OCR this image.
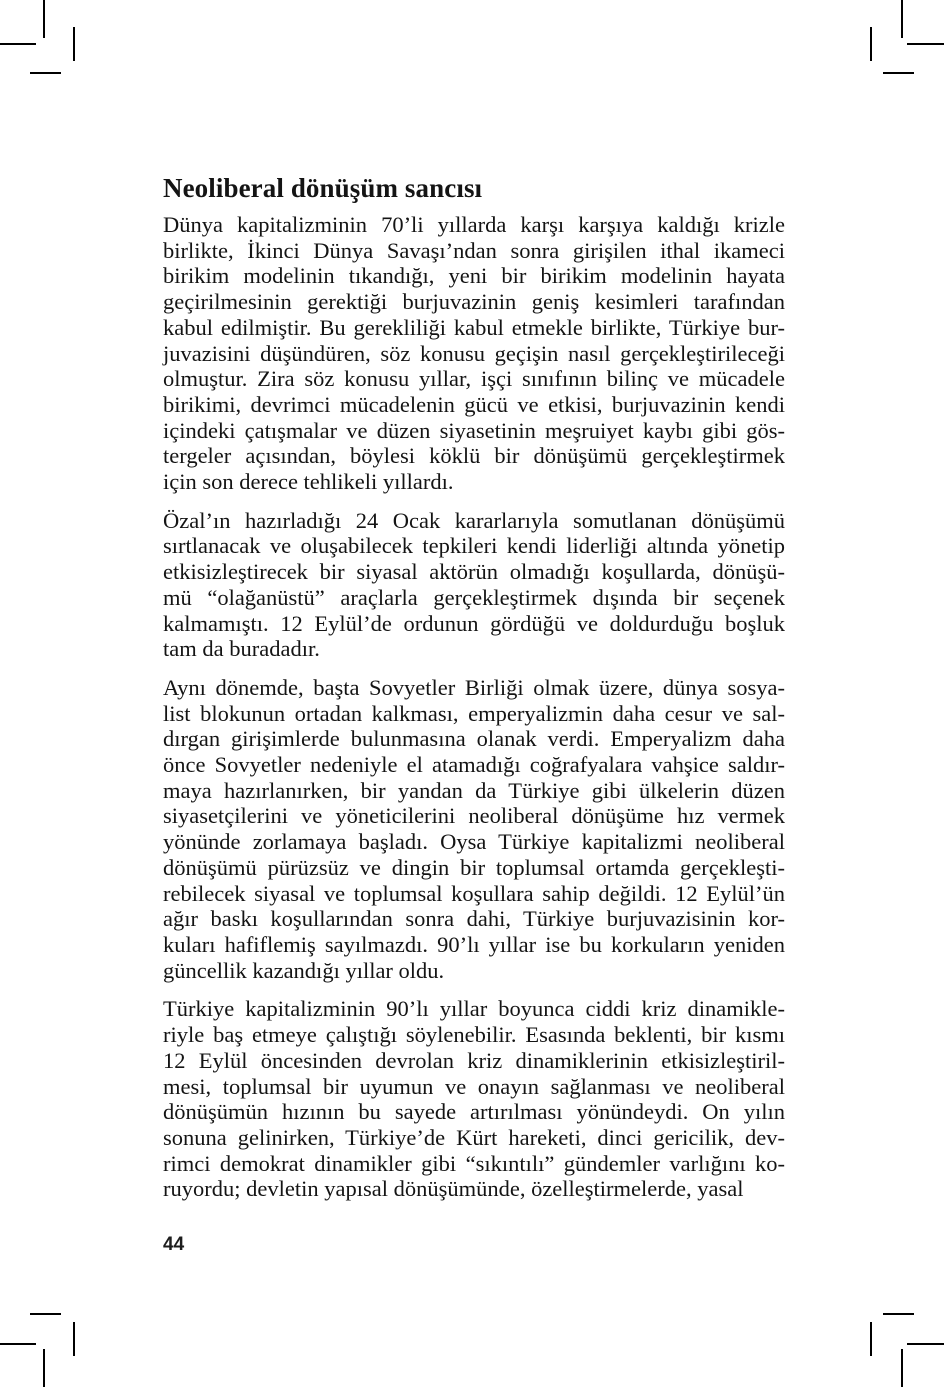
Neoliberal dönüşüm sancısı
Dünya kapitalizminin 70’li yıllarda karşı karşıya kaldığı krizle
birlikte, İkinci Dünya Savaşı’ndan sonra girişilen ithal ikameci
birikim modelinin tıkandığı, yeni bir birikim modelinin hayata
geçirilmesinin gerektiği burjuvazinin geniş kesimleri tarafından
kabul edilmiştir. Bu gerekliliği kabul etmekle birlikte, Türkiye bur-
juvazisini düşündüren, söz konusu geçişin nasıl gerçekleştirileceği
olmuştur. Zira söz konusu yıllar, işçi sınıfının bilinç ve mücadele
birikimi, devrimci mücadelenin gücü ve etkisi, burjuvazinin kendi
içindeki çatışmalar ve düzen siyasetinin meşruiyet kaybı gibi gös-
tergeler açısından, böylesi köklü bir dönüşümü gerçekleştirmek
için son derece tehlikeli yıllardı.
Özal’ın hazırladığı 24 Ocak kararlarıyla somutlanan dönüşümü
sırtlanacak ve oluşabilecek tepkileri kendi liderliği altında yönetip
etkisizleştirecek bir siyasal aktörün olmadığı koşullarda, dönüşü-
mü “olağanüstü” araçlarla gerçekleştirmek dışında bir seçenek
kalmamıştı. 12 Eylül’de ordunun gördüğü ve doldurduğu boşluk
tam da buradadır.
Aynı dönemde, başta Sovyetler Birliği olmak üzere, dünya sosya-
list blokunun ortadan kalkması, emperyalizmin daha cesur ve sal-
dırgan girişimlerde bulunmasına olanak verdi. Emperyalizm daha
önce Sovyetler nedeniyle el atamadığı coğrafyalara vahşice saldır-
maya hazırlanırken, bir yandan da Türkiye gibi ülkelerin düzen
siyasetçilerini ve yöneticilerini neoliberal dönüşüme hız vermek
yönünde zorlamaya başladı. Oysa Türkiye kapitalizmi neoliberal
dönüşümü pürüzsüz ve dingin bir toplumsal ortamda gerçekleşti-
rebilecek siyasal ve toplumsal koşullara sahip değildi. 12 Eylül’ün
ağır baskı koşullarından sonra dahi, Türkiye burjuvazisinin kor-
kuları hafiflemiş sayılmazdı. 90’lı yıllar ise bu korkuların yeniden
güncellik kazandığı yıllar oldu.
Türkiye kapitalizminin 90’lı yıllar boyunca ciddi kriz dinamikle-
riyle baş etmeye çalıştığı söylenebilir. Esasında beklenti, bir kısmı
12 Eylül öncesinden devrolan kriz dinamiklerinin etkisizleştiril-
mesi, toplumsal bir uyumun ve onayın sağlanması ve neoliberal
dönüşümün hızının bu sayede artırılması yönündeydi. On yılın
sonuna gelinirken, Türkiye’de Kürt hareketi, dinci gericilik, dev-
rimci demokrat dinamikler gibi “sıkıntılı” gündemler varlığını ko-
ruyordu; devletin yapısal dönüşümünde, özelleştirmelerde, yasal
44
